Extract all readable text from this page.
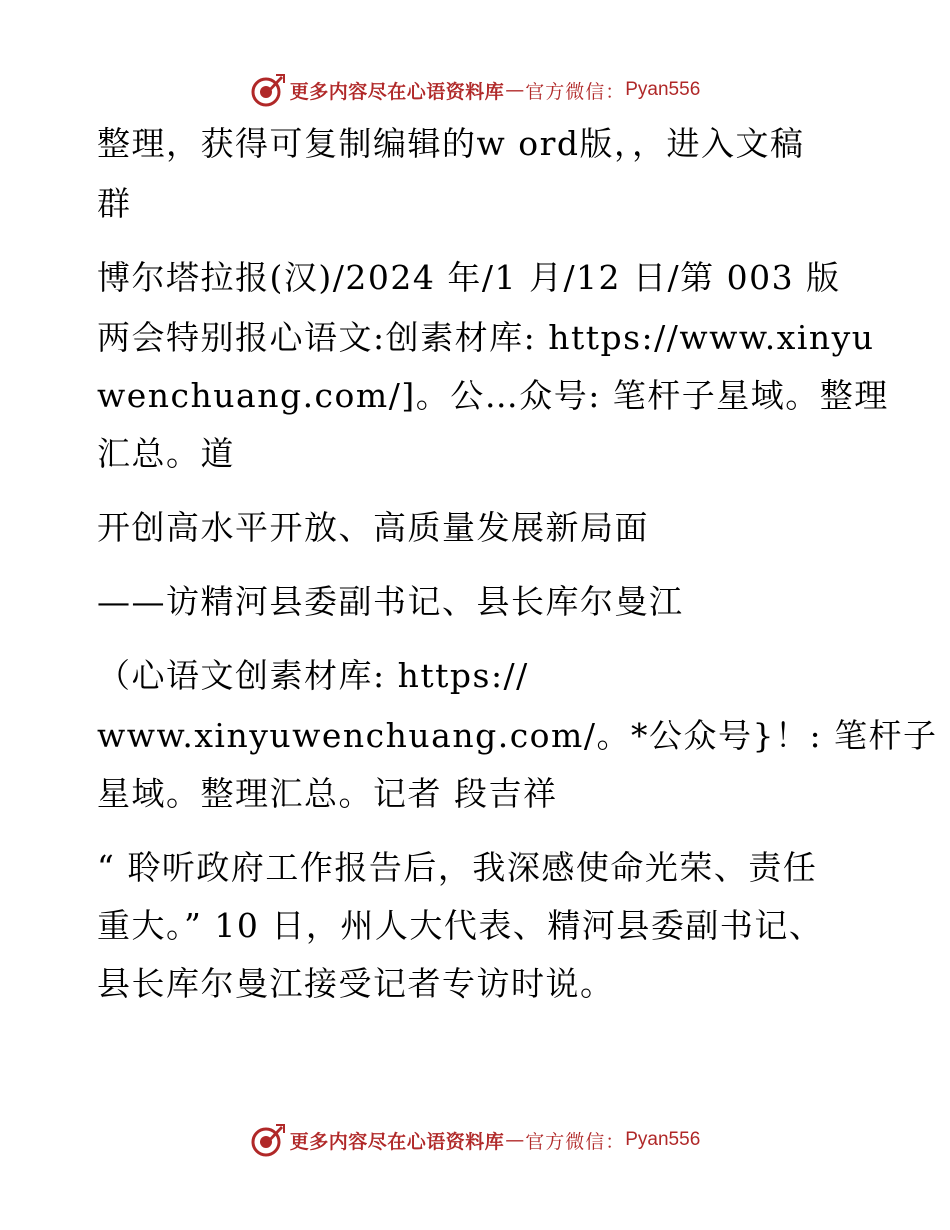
更多内容尽在心语资料库 — 官方微信： Pyan556
整理，获得可复制编辑的w ord版，，进入文稿
群
博尔塔拉报(汉)/2024 年/1 月/12 日/第 003 版
两会特别报心语文:创素材库: https://www.xinyu
wenchuang.com/]。公…众号: 笔杆子星域。整理
汇总。道
开创高水平开放、高质量发展新局面
——访精河县委副书记、县长库尔曼江
（心语文创素材库: https://
www.xinyuwenchuang.com/。*公众号}！: 笔杆子
星域。整理汇总。记者 段吉祥
“ 聆听政府工作报告后，我深感使命光荣、责任
重大。” 10 日，州人大代表、精河县委副书记、
县长库尔曼江接受记者专访时说。
更多内容尽在心语资料库 — 官方微信： Pyan556
